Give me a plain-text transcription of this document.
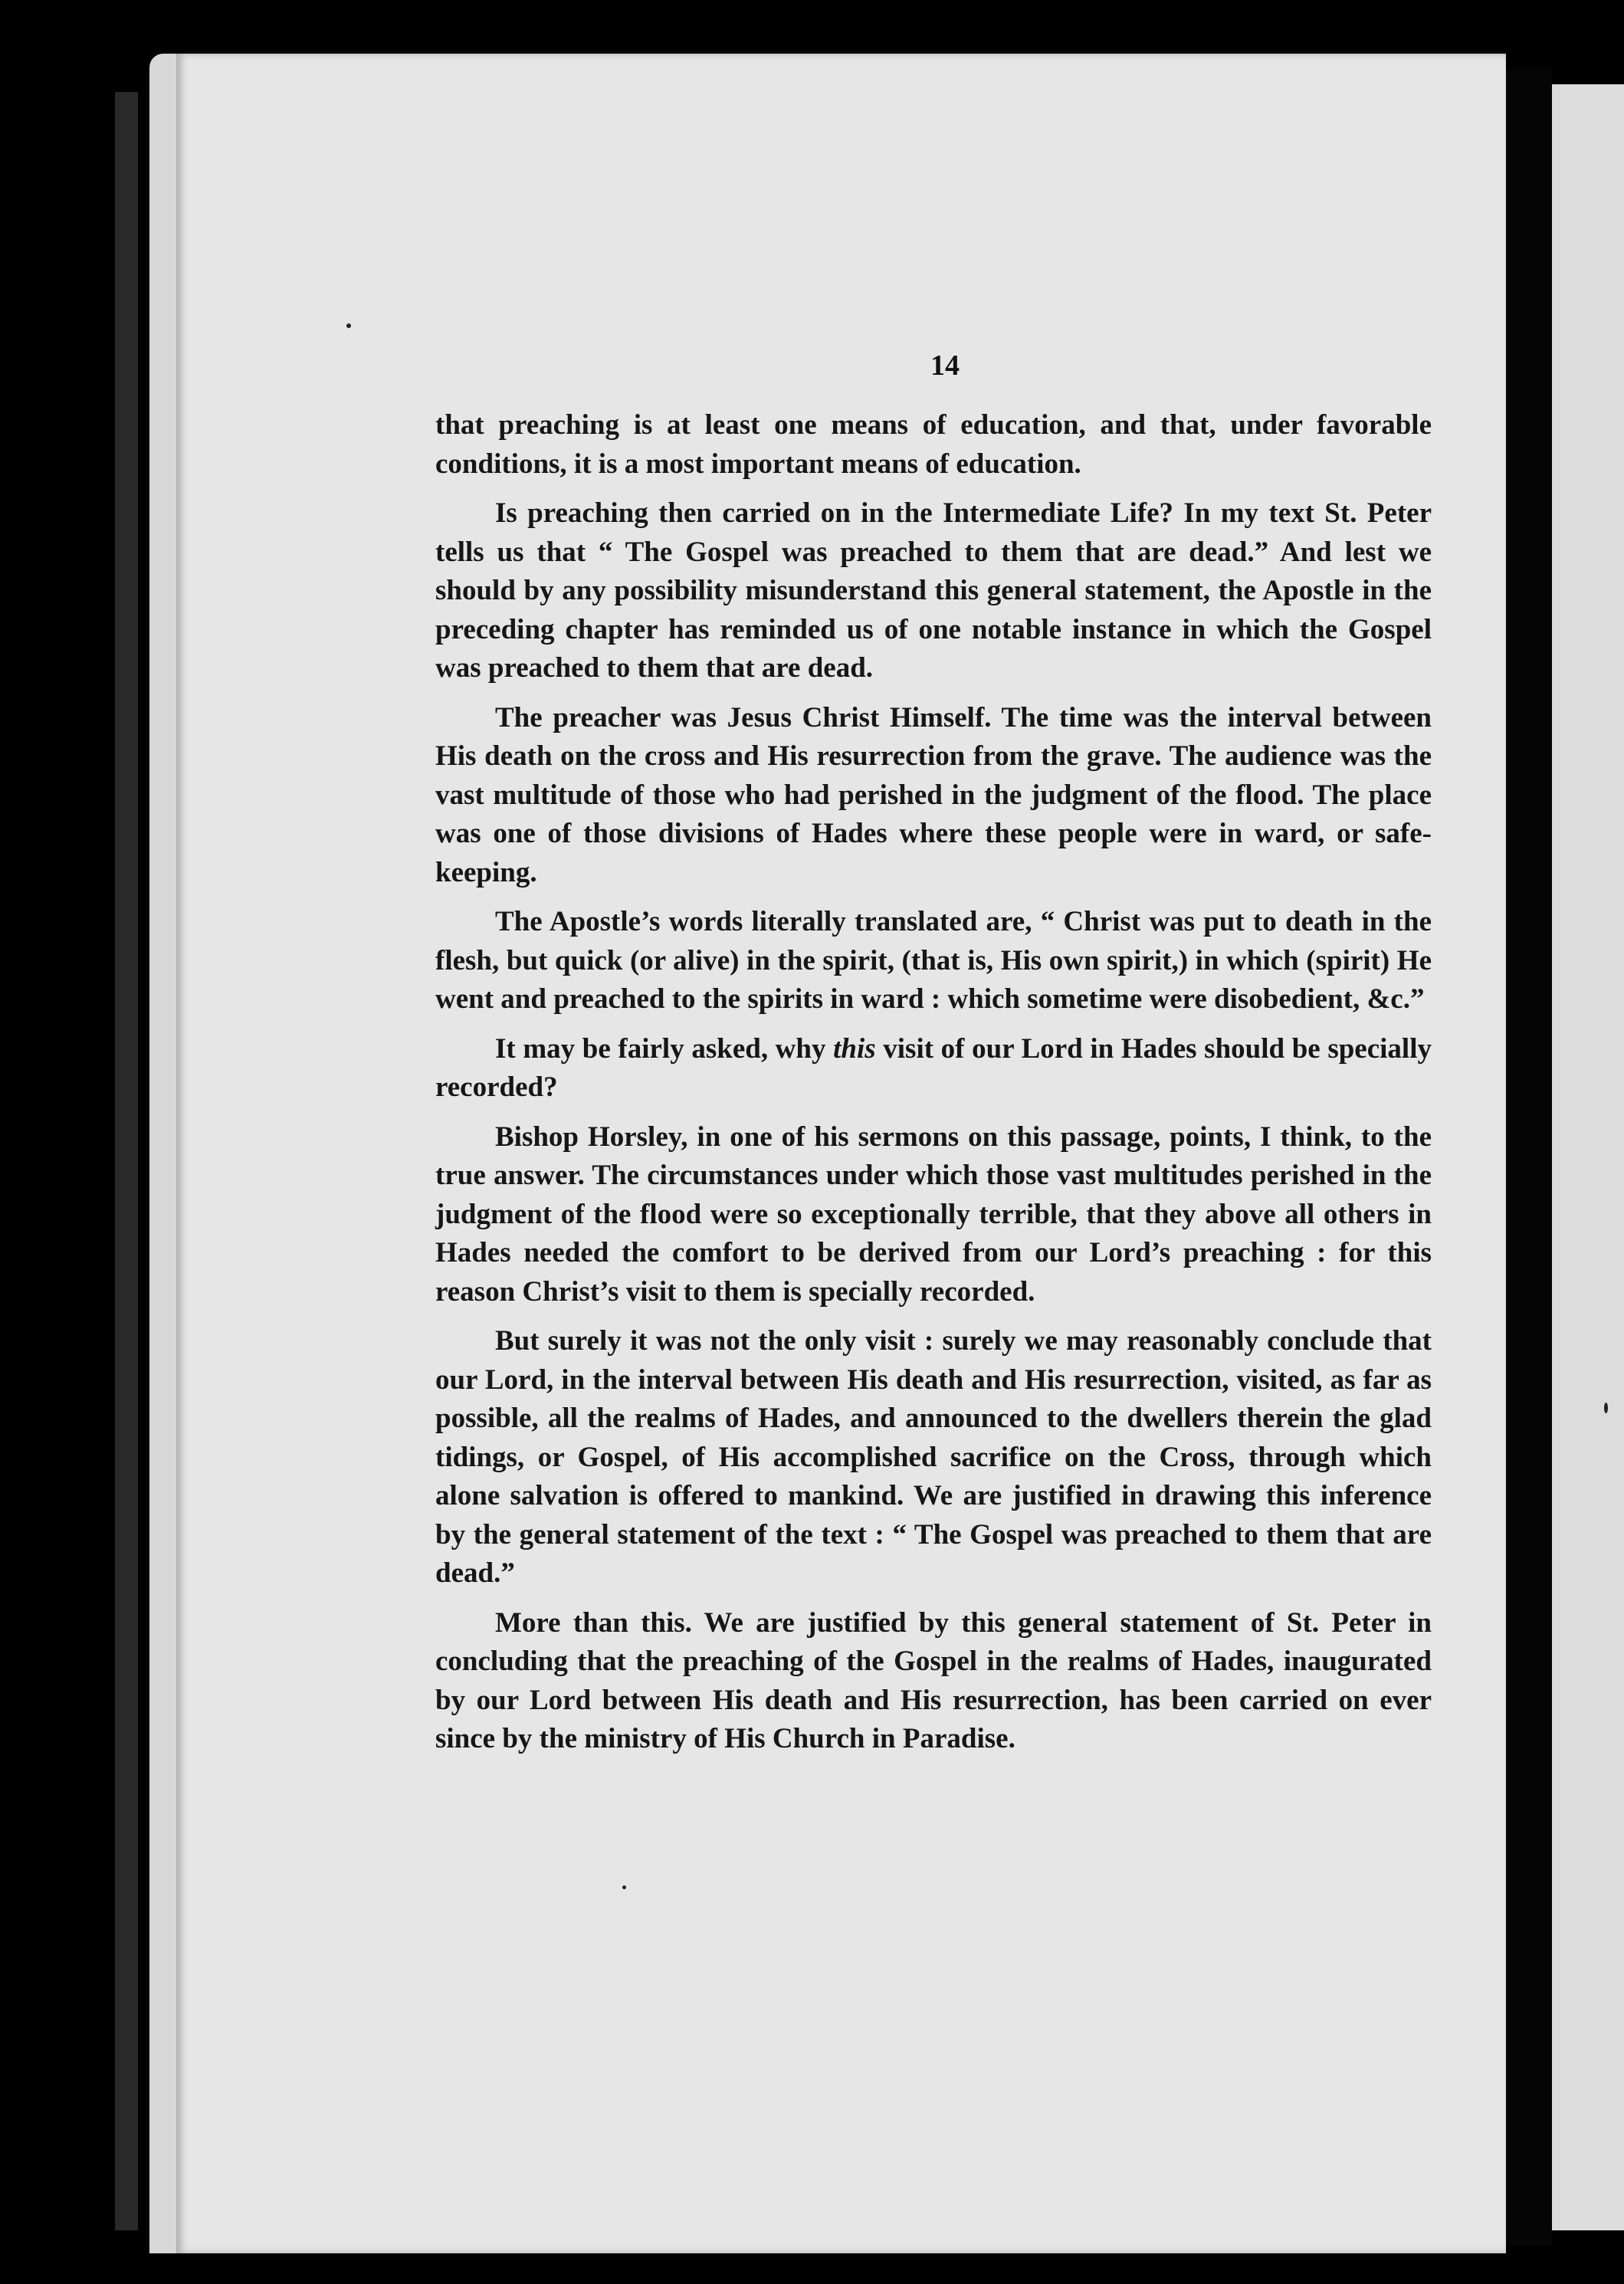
14

that preaching is at least one means of education, and that, under favorable conditions, it is a most important means of education.

Is preaching then carried on in the Intermediate Life? In my text St. Peter tells us that “ The Gospel was preached to them that are dead.” And lest we should by any possibility misunderstand this general statement, the Apostle in the preceding chapter has reminded us of one notable instance in which the Gospel was preached to them that are dead.

The preacher was Jesus Christ Himself. The time was the interval between His death on the cross and His resurrection from the grave. The audience was the vast multitude of those who had perished in the judgment of the flood. The place was one of those divisions of Hades where these people were in ward, or safe-keeping.

The Apostle’s words literally translated are, “ Christ was put to death in the flesh, but quick (or alive) in the spirit, (that is, His own spirit,) in which (spirit) He went and preached to the spirits in ward : which sometime were disobedient, &c.”

It may be fairly asked, why this visit of our Lord in Hades should be specially recorded?

Bishop Horsley, in one of his sermons on this passage, points, I think, to the true answer. The circumstances under which those vast multitudes perished in the judgment of the flood were so exceptionally terrible, that they above all others in Hades needed the comfort to be derived from our Lord’s preaching : for this reason Christ’s visit to them is specially recorded.

But surely it was not the only visit : surely we may reasonably conclude that our Lord, in the interval between His death and His resurrection, visited, as far as possible, all the realms of Hades, and announced to the dwellers therein the glad tidings, or Gospel, of His accomplished sacrifice on the Cross, through which alone salvation is offered to mankind. We are justified in drawing this inference by the general statement of the text : “ The Gospel was preached to them that are dead.”

More than this. We are justified by this general statement of St. Peter in concluding that the preaching of the Gospel in the realms of Hades, inaugurated by our Lord between His death and His resurrection, has been carried on ever since by the ministry of His Church in Paradise.
